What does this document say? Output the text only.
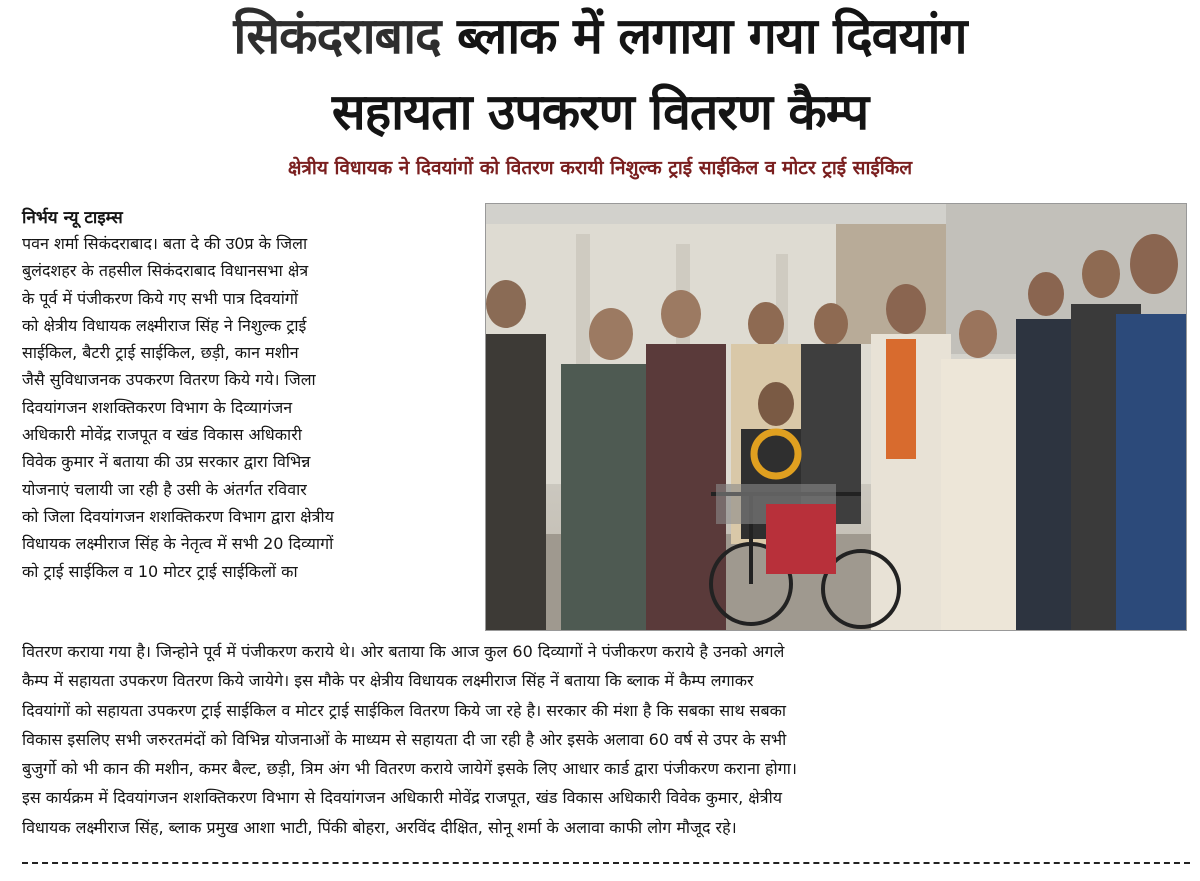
सिकंदराबाद ब्लाक में लगाया गया दिवयांग
सहायता उपकरण वितरण कैम्प
क्षेत्रीय विधायक ने दिवयांगों को वितरण करायी निशुल्क ट्राई साईकिल व मोटर ट्राई साईकिल
निर्भय न्यू टाइम्स
पवन शर्मा सिकंदराबाद। बता दे की उ0प्र के जिला
बुलंदशहर के तहसील सिकंदराबाद विधानसभा क्षेत्र
के पूर्व में पंजीकरण किये गए सभी पात्र दिवयांगों
को क्षेत्रीय विधायक लक्ष्मीराज सिंह ने निशुल्क ट्राई
साईकिल, बैटरी ट्राई साईकिल, छड़ी, कान मशीन
जैसै सुविधाजनक उपकरण वितरण किये गये। जिला
दिवयांगजन शशक्तिकरण विभाग के दिव्यागंजन
अधिकारी मोवेंद्र राजपूत व खंड विकास अधिकारी
विवेक कुमार नें बताया की उप्र सरकार द्वारा विभिन्न
योजनाएं चलायी जा रही है उसी के अंतर्गत रविवार
को जिला दिवयांगजन शशक्तिकरण विभाग द्वारा क्षेत्रीय
विधायक लक्ष्मीराज सिंह के नेतृत्व में सभी 20 दिव्यागों
को ट्राई साईकिल व 10 मोटर ट्राई साईकिलों का
वितरण कराया गया है। जिन्होने पूर्व में पंजीकरण कराये थे। ओर बताया कि आज कुल 60 दिव्यागों ने पंजीकरण कराये है उनको अगले
कैम्प में सहायता उपकरण वितरण किये जायेगे। इस मौके पर क्षेत्रीय विधायक लक्ष्मीराज सिंह नें बताया कि ब्लाक में कैम्प लगाकर
दिवयांगों को सहायता उपकरण ट्राई साईकिल व मोटर ट्राई साईकिल वितरण किये जा रहे है। सरकार की मंशा है कि सबका साथ सबका
विकास इसलिए सभी जरुरतमंदों को विभिन्न योजनाओं के माध्यम से सहायता दी जा रही है ओर इसके अलावा 60 वर्ष से उपर के सभी
बुजुर्गो को भी कान की मशीन, कमर बैल्ट, छड़ी, त्रिम अंग भी वितरण कराये जायेगें इसके लिए आधार कार्ड द्वारा पंजीकरण कराना होगा।
इस कार्यक्रम में दिवयांगजन शशक्तिकरण विभाग से दिवयांगजन अधिकारी मोवेंद्र राजपूत, खंड विकास अधिकारी विवेक कुमार, क्षेत्रीय
विधायक लक्ष्मीराज सिंह, ब्लाक प्रमुख आशा भाटी, पिंकी बोहरा, अरविंद दीक्षित, सोनू शर्मा के अलावा काफी लोग मौजूद रहे।
